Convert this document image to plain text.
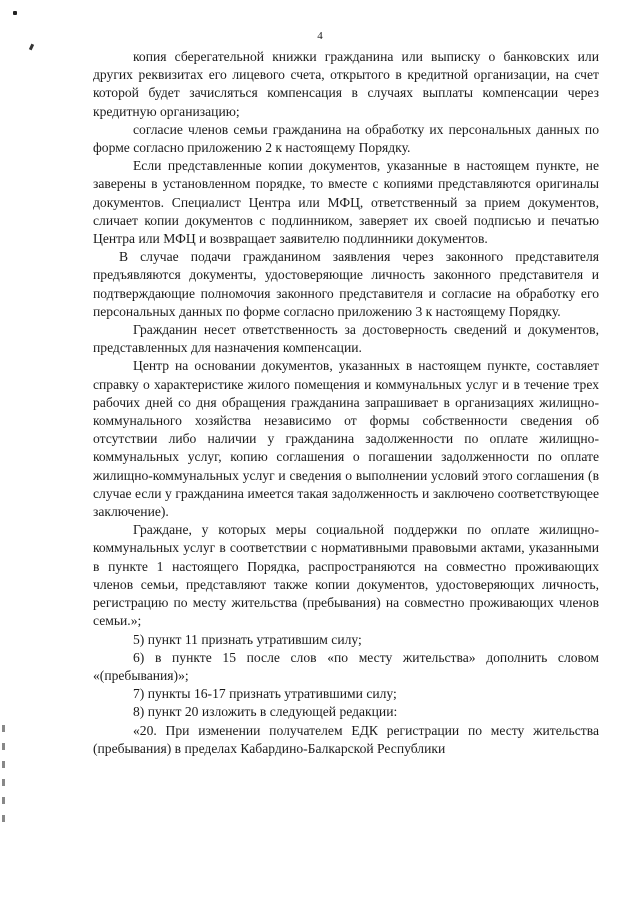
4

копия сберегательной книжки гражданина или выписку о банковских или других реквизитах его лицевого счета, открытого в кредитной организации, на счет которой будет зачисляться компенсация в случаях выплаты компенсации через кредитную организацию;

согласие членов семьи гражданина на обработку их персональных данных по форме согласно приложению 2 к настоящему Порядку.

Если представленные копии документов, указанные в настоящем пункте, не заверены в установленном порядке, то вместе с копиями представляются оригиналы документов. Специалист Центра или МФЦ, ответственный за прием документов, сличает копии документов с подлинником, заверяет их своей подписью и печатью Центра или МФЦ и возвращает заявителю подлинники документов.

В случае подачи гражданином заявления через законного представителя предъявляются документы, удостоверяющие личность законного представителя и подтверждающие полномочия законного представителя и согласие на обработку его персональных данных по форме согласно приложению 3 к настоящему Порядку.

Гражданин несет ответственность за достоверность сведений и документов, представленных для назначения компенсации.

Центр на основании документов, указанных в настоящем пункте, составляет справку о характеристике жилого помещения и коммунальных услуг и в течение трех рабочих дней со дня обращения гражданина запрашивает в организациях жилищно-коммунального хозяйства независимо от формы собственности сведения об отсутствии либо наличии у гражданина задолженности по оплате жилищно-коммунальных услуг, копию соглашения о погашении задолженности по оплате жилищно-коммунальных услуг и сведения о выполнении условий этого соглашения (в случае если у гражданина имеется такая задолженность и заключено соответствующее заключение).

Граждане, у которых меры социальной поддержки по оплате жилищно-коммунальных услуг в соответствии с нормативными правовыми актами, указанными в пункте 1 настоящего Порядка, распространяются на совместно проживающих членов семьи, представляют также копии документов, удостоверяющих личность, регистрацию по месту жительства (пребывания) на совместно проживающих членов семьи.»;

5) пункт 11 признать утратившим силу;

6) в пункте 15 после слов «по месту жительства» дополнить словом «(пребывания)»;

7) пункты 16-17 признать утратившими силу;

8) пункт 20 изложить в следующей редакции:

«20. При изменении получателем ЕДК регистрации по месту жительства (пребывания) в пределах Кабардино-Балкарской Республики
